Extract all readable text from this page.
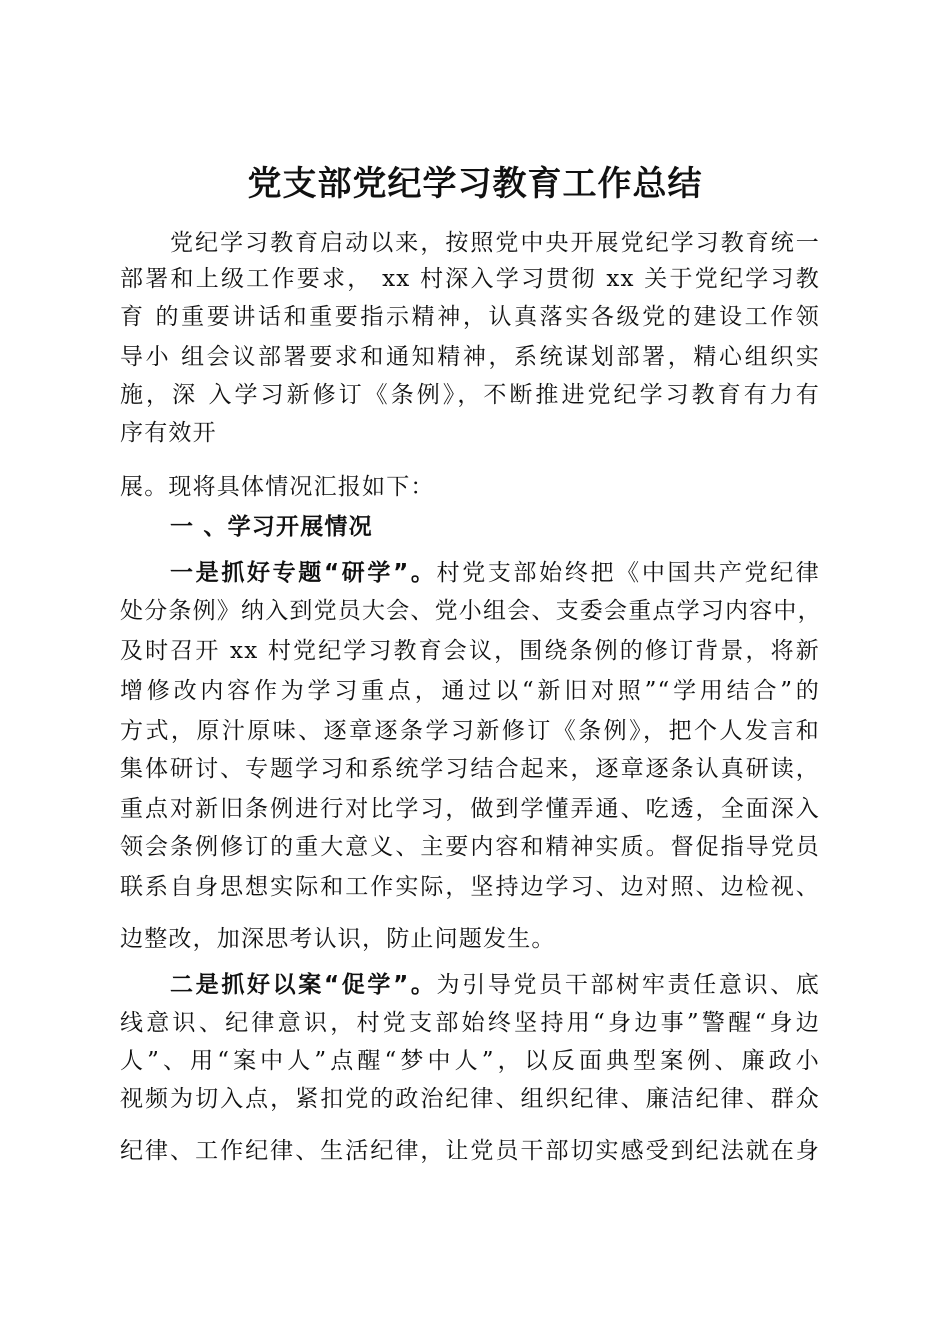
党支部党纪学习教育工作总结
党纪学习教育启动以来，按照党中央开展党纪学习教育统一
部署和上级工作要求， xx 村深入学习贯彻 xx 关于党纪学习教
育 的重要讲话和重要指示精神，认真落实各级党的建设工作领
导小 组会议部署要求和通知精神，系统谋划部署，精心组织实
施，深 入学习新修订《条例》，不断推进党纪学习教育有力有
序有效开
展。现将具体情况汇报如下：
一 、学习开展情况
一是抓好专题“研学”。村党支部始终把《中国共产党纪律
处分条例》纳入到党员大会、党小组会、支委会重点学习内容中，
及时召开 xx 村党纪学习教育会议，围绕条例的修订背景，将新
增修改内容作为学习重点，通过以“新旧对照”“学用结合”的
方式，原汁原味、逐章逐条学习新修订《条例》，把个人发言和
集体研讨、专题学习和系统学习结合起来，逐章逐条认真研读，
重点对新旧条例进行对比学习，做到学懂弄通、吃透，全面深入
领会条例修订的重大意义、主要内容和精神实质。督促指导党员
联系自身思想实际和工作实际，坚持边学习、边对照、边检视、
边整改，加深思考认识，防止问题发生。
二是抓好以案“促学”。为引导党员干部树牢责任意识、底
线意识、纪律意识，村党支部始终坚持用“身边事”警醒“身边
人”、用“案中人”点醒“梦中人”，以反面典型案例、廉政小
视频为切入点，紧扣党的政治纪律、组织纪律、廉洁纪律、群众
纪律、工作纪律、生活纪律，让党员干部切实感受到纪法就在身
